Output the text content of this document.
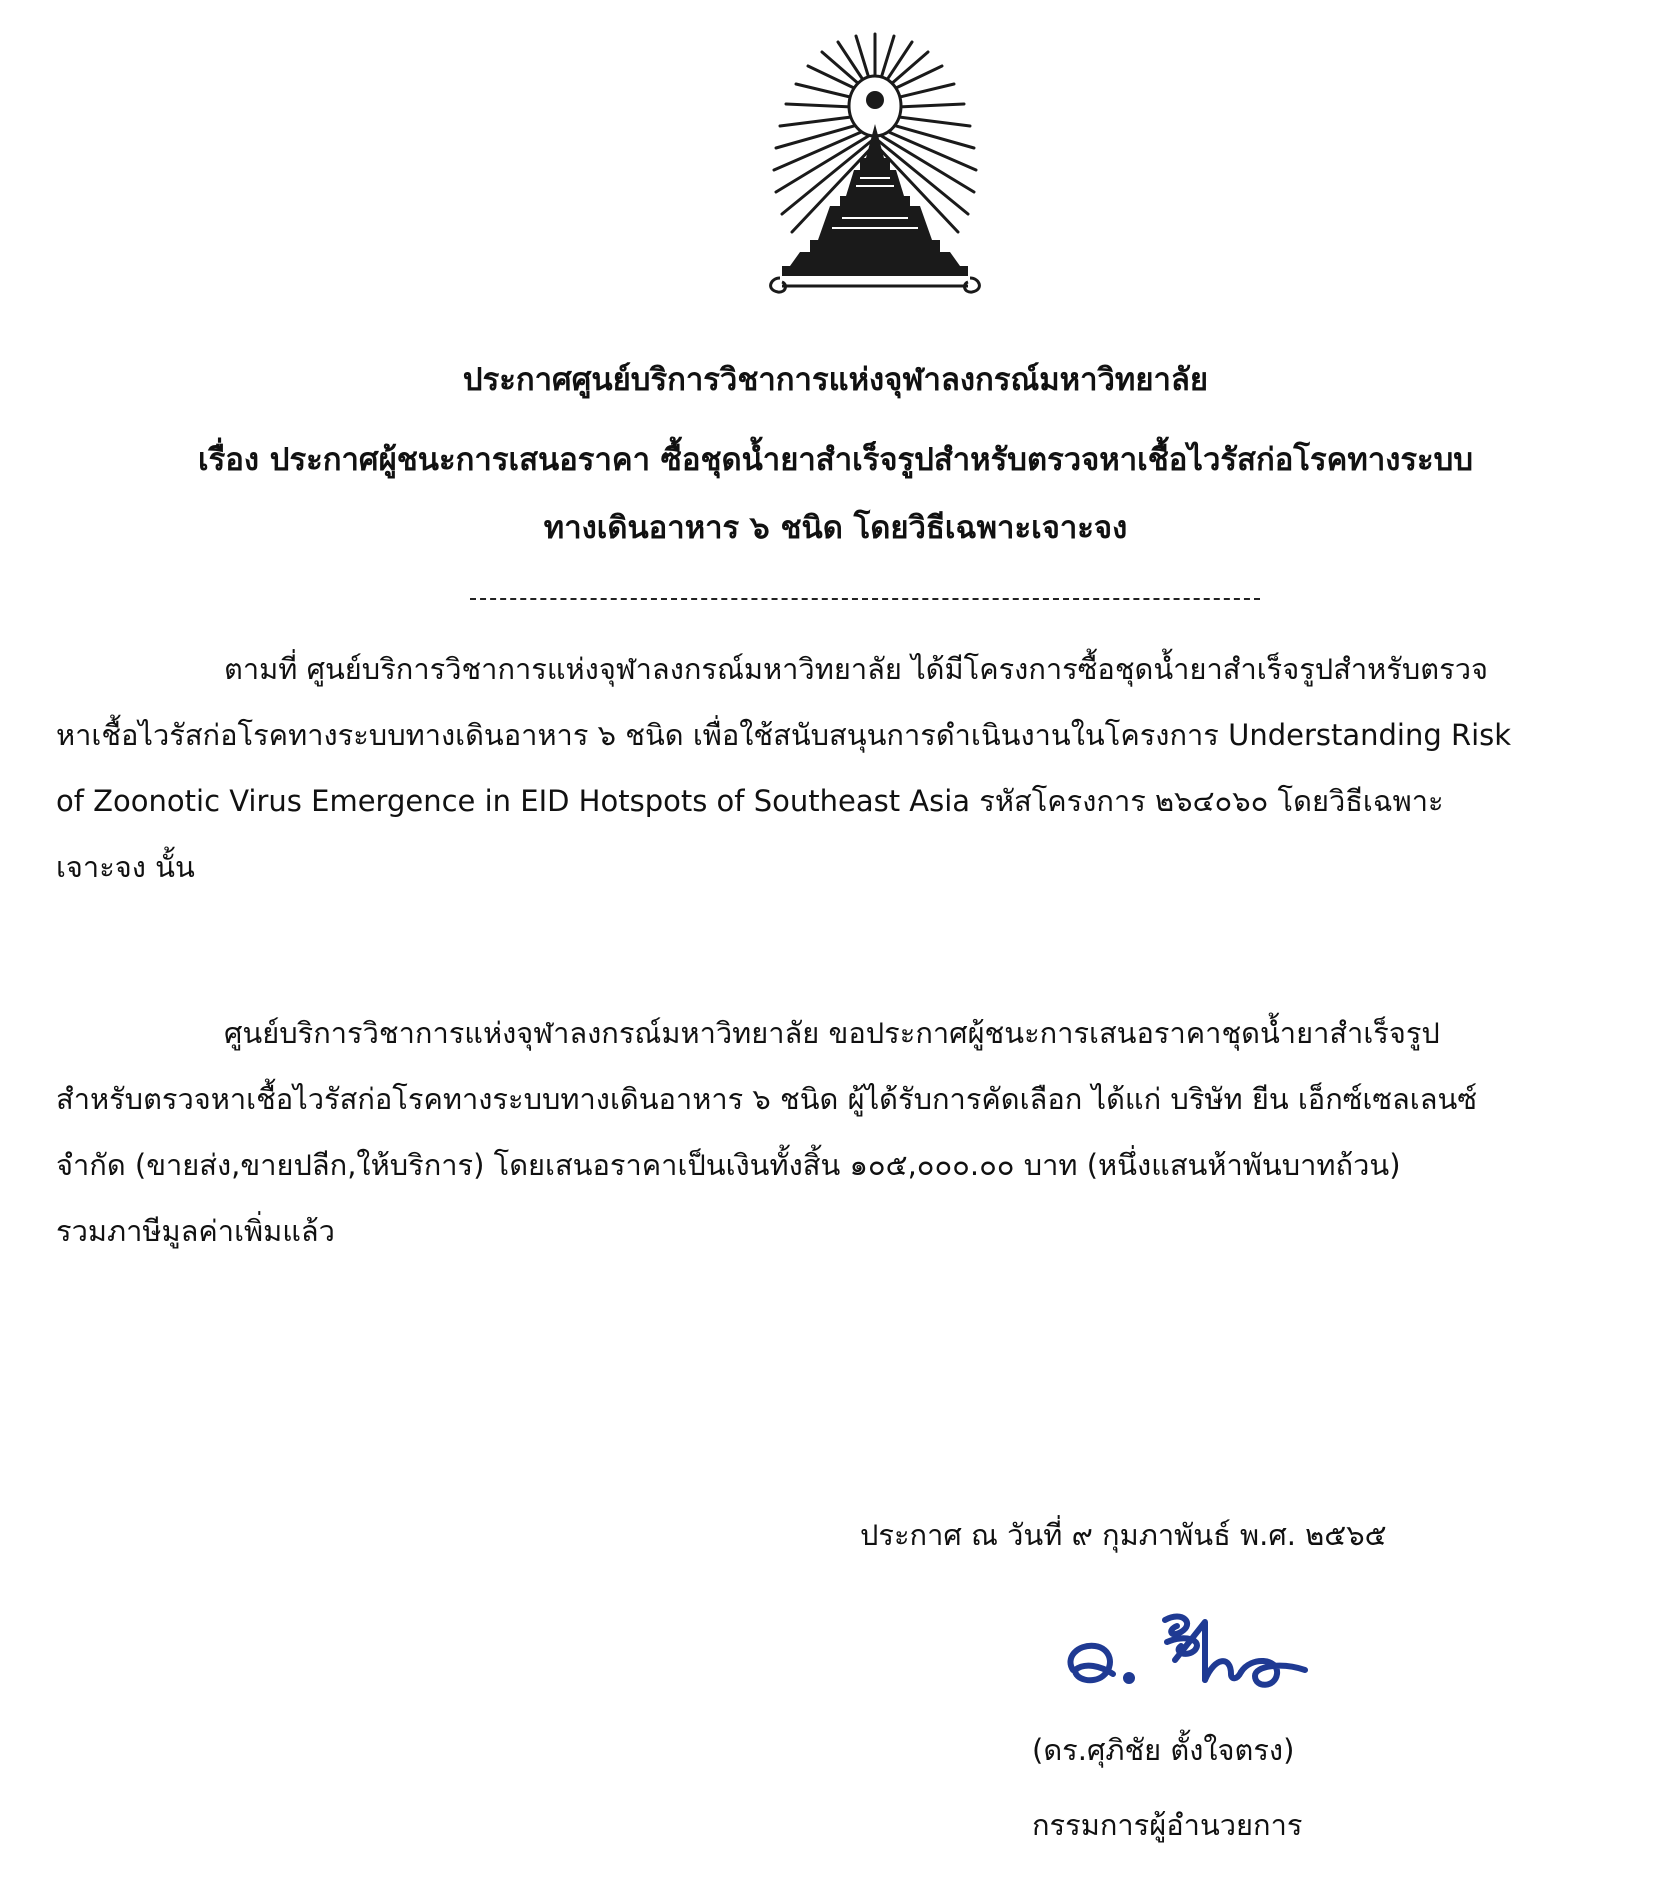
ประกาศศูนย์บริการวิชาการแห่งจุฬาลงกรณ์มหาวิทยาลัย
เรื่อง ประกาศผู้ชนะการเสนอราคา ซื้อชุดน้ำยาสำเร็จรูปสำหรับตรวจหาเชื้อไวรัสก่อโรคทางระบบ
ทางเดินอาหาร ๖ ชนิด โดยวิธีเฉพาะเจาะจง
ตามที่ ศูนย์บริการวิชาการแห่งจุฬาลงกรณ์มหาวิทยาลัย ได้มีโครงการซื้อชุดน้ำยาสำเร็จรูปสำหรับตรวจ
หาเชื้อไวรัสก่อโรคทางระบบทางเดินอาหาร ๖ ชนิด เพื่อใช้สนับสนุนการดำเนินงานในโครงการ Understanding Risk
of Zoonotic Virus Emergence in EID Hotspots of Southeast Asia รหัสโครงการ ๒๖๔๐๖๐ โดยวิธีเฉพาะ
เจาะจง นั้น
ศูนย์บริการวิชาการแห่งจุฬาลงกรณ์มหาวิทยาลัย ขอประกาศผู้ชนะการเสนอราคาชุดน้ำยาสำเร็จรูป
สำหรับตรวจหาเชื้อไวรัสก่อโรคทางระบบทางเดินอาหาร ๖ ชนิด ผู้ได้รับการคัดเลือก ได้แก่ บริษัท ยีน เอ็กซ์เซลเลนซ์
จำกัด (ขายส่ง,ขายปลีก,ให้บริการ) โดยเสนอราคาเป็นเงินทั้งสิ้น ๑๐๕,๐๐๐.๐๐ บาท (หนึ่งแสนห้าพันบาทถ้วน)
รวมภาษีมูลค่าเพิ่มแล้ว
ประกาศ ณ วันที่ ๙ กุมภาพันธ์ พ.ศ. ๒๕๖๕
(ดร.ศุภิชัย ตั้งใจตรง)
กรรมการผู้อำนวยการ
